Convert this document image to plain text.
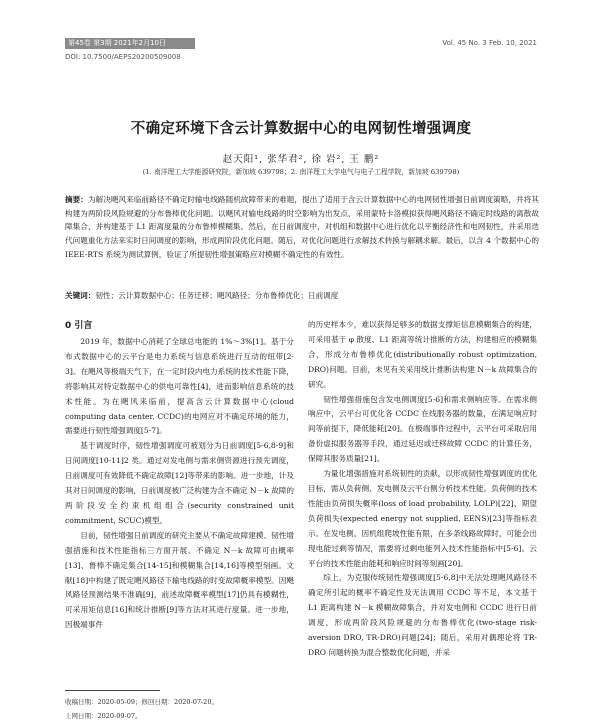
第45卷 第3期 2021年2月10日	Vol. 45 No. 3 Feb. 10, 2021
DOI: 10.7500/AEPS20200509008
不确定环境下含云计算数据中心的电网韧性增强调度
赵天阳¹, 张华君², 徐 岩², 王 鹏²
(1. 南洋理工大学能源研究院，新加坡 639798；2. 南洋理工大学电气与电子工程学院，新加坡 639798)
摘要：为解决飓风来临前路径不确定时输电线路随机故障带来的难题，提出了适用于含云计算数据中心的电网韧性增强日前调度策略，并将其构建为两阶段风险规避的分布鲁棒优化问题。以飓风对输电线路的时空影响为出发点，采用蒙特卡洛模拟获得飓风路径不确定时线路的离散故障集合，并构建基于 L1 距离度量的分布鲁棒模糊集。然后，在日前调度中，对机组和数据中心进行优化以平衡经济性和电网韧性，并采用迭代问题重化方法来实时日间调度的影响，形成两阶段优化问题。随后，对优化问题进行求解技术转换与解耦求解。最后，以含 4 个数据中心的 IEEE-RTS 系统为测试算例，验证了所提韧性增强策略应对模糊不确定性的有效性。
关键词：韧性；云计算数据中心；任务迁移；飓风路径；分布鲁棒优化；日前调度
0 引言

2019 年，数据中心消耗了全球总电能的 1%～3%[1]。基于分布式数据中心的云平台是电力系统与信息系统进行互动的纽带[2-3]。在飓风等极端天气下，在一定时段内电力系统的技术性能下降，将影响其对特定数据中心的供电可靠性[4]，进而影响信息系统的技术性能。为在飓风来临前，提高含云计算数据中心(cloud computing data center, CCDC)的电网应对不确定环境的能力，需要进行韧性增强调度[5-7]。

基于调度时序，韧性增强调度可被划分为日前调度[5-6,8-9]和日间调度[10-11]2 类。通过对发电侧与需求侧资源进行预先调度，日前调度可有效降低不确定故障[12]等带来的影响。进一步地，计及其对日间调度的影响，日前调度被广泛构建为含不确定 N－k 故障的两阶段安全约束机组组合(security constrained unit commitment, SCUC)模型。

目前，韧性增强日前调度的研究主要从不确定故障建模、韧性增强措施和技术性能指标三方面开展。不确定 N－k 故障可由概率[13]、鲁棒不确定集合[14-15]和模糊集合[14,16]等模型刻画。文献[18]中构建了既定飓风路径下输电线路的时变故障概率模型。因飓风路径预测结果不准确[9]，前述故障概率模型[17]仍具有模糊性，可采用矩信息[16]和统计推断[9]等方法对其进行度量。进一步地，因极端事件

的历史样本少，难以获得足够多的数据支撑矩信息模糊集合的构建，可采用基于 φ 散度、L1 距离等统计推断的方法，构建相应的模糊集合，形成分布鲁棒优化(distributionally robust optimization, DRO)问题。目前，未见有关采用统计推断法构建 N－k 故障集合的研究。

韧性增强措施包含发电侧调度[5-6]和需求侧响应等。在需求侧响应中，云平台可优化各 CCDC 在线服务器的数量，在满足响应时间等前提下，降低能耗[20]。在极端事件过程中，云平台可采取启用备份虚拟服务器等手段，通过延迟或迁移故障 CCDC 的计算任务，保障其服务质量[21]。

为量化增强措施对系统韧性的贡献，以形成韧性增强调度的优化目标，需从负荷侧、发电侧及云平台侧分析技术性能。负荷侧的技术性能由负荷损失概率(loss of load probability, LOLP)[22]、期望负荷损失(expected energy not supplied, EENS)[23]等指标表示。在发电侧，因机组爬坡性能有限，在多条线路故障时，可能会出现电能过剩等情况，需要将过剩电能列入技术性能指标中[5-6]。云平台的技术性能由能耗和响应时间等刻画[20]。

综上，为克服传统韧性增强调度[5-6,8]中无法处理飓风路径不确定所引起的概率不确定性及无法调用 CCDC 等不足，本文基于 L1 距离构建 N－k 模糊故障集合，并对发电侧和 CCDC 进行日前调度，形成两阶段风险规避的分布鲁棒优化(two-stage risk-aversion DRO, TR-DRO)问题[24]；随后，采用对偶理论将 TR-DRO 问题转换为混合整数优化问题，并采

收稿日期：2020-05-09；修回日期：2020-07-20。
上网日期：2020-09-07。
